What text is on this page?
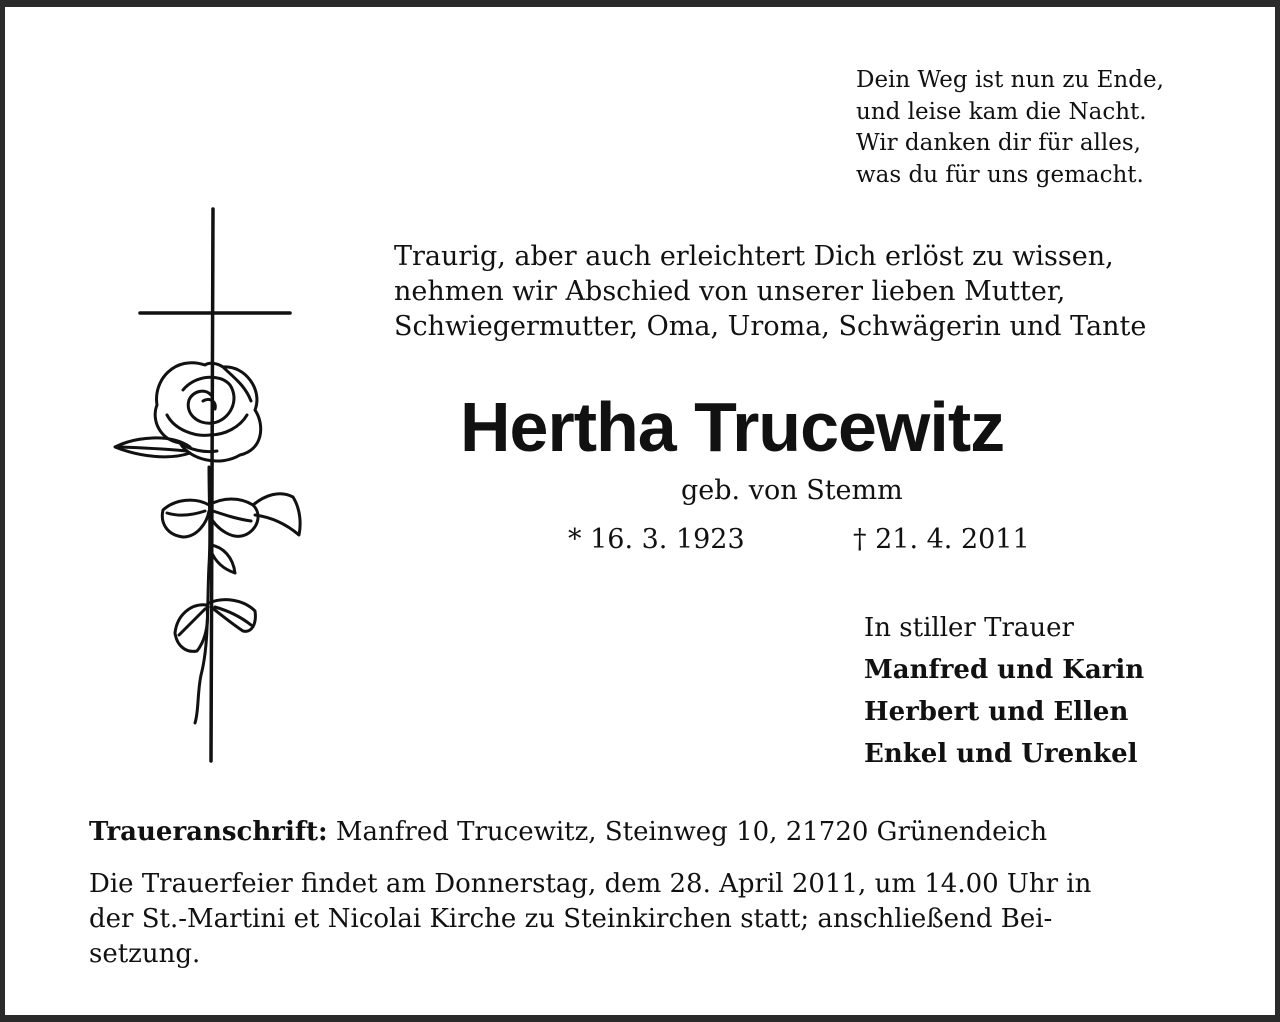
Dein Weg ist nun zu Ende,
und leise kam die Nacht.
Wir danken dir für alles,
was du für uns gemacht.
Traurig, aber auch erleichtert Dich erlöst zu wissen,
nehmen wir Abschied von unserer lieben Mutter,
Schwiegermutter, Oma, Uroma, Schwägerin und Tante
Hertha Trucewitz
geb. von Stemm
* 16. 3. 1923	† 21. 4. 2011
In stiller Trauer
Manfred und Karin
Herbert und Ellen
Enkel und Urenkel
Traueranschrift: Manfred Trucewitz, Steinweg 10, 21720 Grünendeich
Die Trauerfeier findet am Donnerstag, dem 28. April 2011, um 14.00 Uhr in
der St.-Martini et Nicolai Kirche zu Steinkirchen statt; anschließend Bei-
setzung.
